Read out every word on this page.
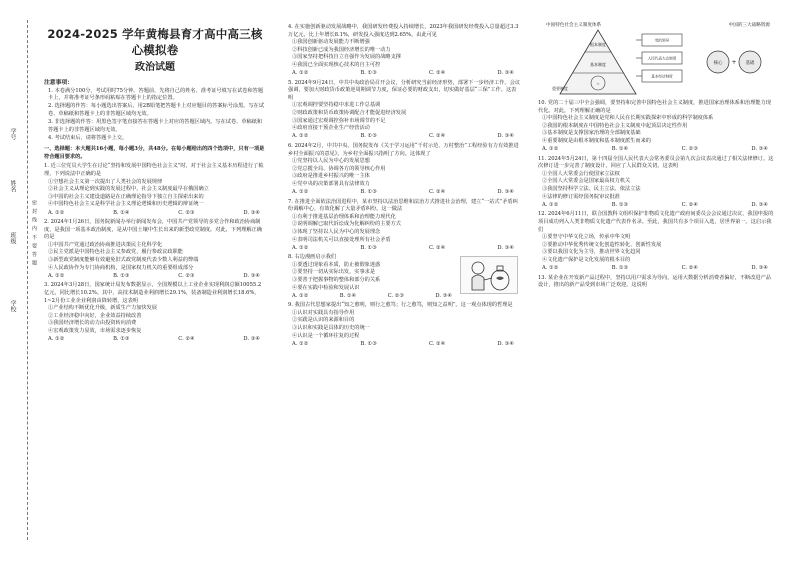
学号
姓名
班级
学校
密 封 线 内 不 要 答 题
2024-2025 学年黄梅县育才高中高三核心模拟卷
政治试题
注意事项：

1. 本卷满分100分，考试用时75分钟。答题前，先将自己的姓名、准考证号填写在试卷和答题卡上，并将准考证号条形码粘贴在答题卡上的指定位置。

2. 选择题的作答：每小题选出答案后，用2B铅笔把答题卡上对应题目的答案标号涂黑。写在试卷、草稿纸和答题卡上的非答题区域均无效。

3. 非选择题的作答：用黑色签字笔直接答在答题卡上对应的答题区域内。写在试卷、草稿纸和答题卡上的非答题区域均无效。

4. 考试结束后，请将答题卡上交。

一、选择题：本大题共16小题，每小题3分，共48分。在每小题给出的四个选项中，只有一项是符合题目要求的。

1. 近三位党员大学生在讨论“坚持和发展中国特色社会主义”时，对于社会主义基本历程进行了梳理，下列说法中正确的是

①空想社会主义第一次提出了人类社会的发展规律

②社会主义从理论到实践的发展过程中，社会主义制度最早在俄国确立

③中国的社会主义建设道路是在正确理论指导下独立自主探索出来的

④中国特色社会主义是科学社会主义理论逻辑和历史逻辑的辩证统一

A. ①②	B. ①④	C. ②③	D. ③④

2. 2024年1月26日，国务院新闻办举行新闻发布会，中国共产党领导的多党合作和政治协商制度，是我国一项基本政治制度，是从中国土壤中生长出来的新型政党制度。对此，下列理解正确的是

①中国共产党通过政治协商推进决策民主化科学化

②民主党派是中国特色社会主义参政党，履行参政议政职能

③新型政党制度能够有效避免旧式政党制度代表少数人利益的弊端

④人民政协作为专门协商机构，是国家权力机关的重要组成部分

A. ①②	B. ①③	C. ②③	D. ③④

3. 2024年3月28日，国家统计局发布数据显示，全国规模以上工业企业实现利润总额10055.2亿元，同比增长10.2%。其中，高技术制造业利润增长29.1%，装备制造业利润增长18.6%，1~2月份工业企业利润由降转增，这表明

①产业结构不断优化升级，新质生产力加快发展

②工业经济稳中向好，企业效益持续改善

③我国经济增长的动力由投资转向消费

④宏观政策发力显效，市场需求逐步恢复

A. ①②	B. ①③	C. ②④	D. ③④

4. 在实施创新驱动发展战略中，我国研发经费投入持续增长，2023年我国研发经费投入总量超过3.3万亿元，比上年增长8.1%，研发投入强度达到2.65%。由此可见

①我国创新驱动发展能力不断增强

②科技创新已成为我国经济增长的唯一动力

③国家坚持把科技自立自强作为发展的战略支撑

④我国已全面实现核心技术的自主可控

A. ①②	B. ①③	C. ②④	D. ③④

5. 2024年9月24日，中共中央政治局召开会议，分析研究当前经济形势，部署下一步经济工作。会议强调，要加大财政货币政策逆周期调节力度，保证必要的财政支出，切实做好基层“三保”工作。这表明

①宏观调控要坚持稳中求进工作总基调

②财政政策和货币政策协调配合才能促进经济发展

③国家通过宏观调控弥补市场调节的不足

④政府直接干预企业生产经营活动

A. ①②	B. ①③	C. ②④	D. ③④

6. 2024年2月，中共中央、国务院发布《关于学习运用“千村示范、万村整治”工程经验有力有效推进乡村全面振兴的意见》，为乡村全面振兴指明了方向。这体现了

①党坚持以人民为中心的发展思想

②党总揽全局、协调各方的领导核心作用

③政府是推进乡村振兴的唯一主体

④党中央的决策部署具有法律效力

A. ①②	B. ①③	C. ②④	D. ③④

7. 在推进全面依法治国进程中，某市坚持以法治思维和法治方式推进社会治理，建立“一站式”矛盾纠纷调解中心，有效化解了大量矛盾纠纷。这一做法

①有利于推进基层治理体系和治理能力现代化

②说明调解已取代诉讼成为化解纠纷的主要方式

③体现了坚持以人民为中心的发展理念

④表明司法机关可以直接处理所有社会矛盾

A. ①②	B. ①③	C. ②④	D. ③④

8. 右边漫画启示我们

①要透过现象看本质，防止被假象迷惑

②要坚持一切从实际出发，实事求是

③要善于把握事物的整体和部分的关系

④要在实践中检验和发展认识

A. ①②	B. ①④	C. ②③	D. ③④

9. 我国古代思想家提出“知之愈明，则行之愈笃；行之愈笃，则知之益明”。这一观点体现的哲理是

①认识对实践具有指导作用

②实践是认识的来源和目的

③认识和实践是具体的历史的统一

④认识是一个循环往复的过程

A. ①②	B. ①③	C. ②④	D. ③④
中国特色社会主义制度体系	中国的三大战略资源
☆
根本制度
基本制度
重要制度
党的领导
人民代表大会制度
基本经济制度
+
核心	基础

10. 党的二十届三中全会强调，要坚持和完善中国特色社会主义制度，推进国家治理体系和治理能力现代化。对此，下列理解正确的是

①中国特色社会主义制度是党和人民在长期实践探索中形成的科学制度体系

②我国的根本制度在中国特色社会主义制度中起顶层决定性作用

③基本制度是支撑国家治理的全部制度基础

④重要制度是由根本制度和基本制度派生而来的

A. ①②	B. ①④	C. ②③	D. ③④

11. 2024年5月24日，第十四届全国人民代表大会常务委员会第九次会议表决通过了相关法律修订。这次修订进一步完善了制度设计，回应了人民群众关切。这表明

①全国人大常委会行使国家立法权

②全国人大常委会是国家最高权力机关

③我国坚持科学立法、民主立法、依法立法

④法律的修订需经国务院审议批准

A. ①②	B. ①③	C. ②④	D. ③④

12. 2024年6月11日，联合国教科文组织保护非物质文化遗产政府间委员会会议通过决议，我国申报的项目成功列入人类非物质文化遗产代表作名录。至此，我国共有多个项目入选，居世界第一。这启示我们

①要坚守中华文化立场，传承中华文明

②要推动中华优秀传统文化创造性转化、创新性发展

③要以我国文化为主导，推动世界文化趋同

④文化遗产保护是文化发展的根本目的

A. ①②	B. ①③	C. ②④	D. ③④

13. 某企业在开发新产品过程中，坚持以用户需求为导向，运用大数据分析消费者偏好，不断改进产品设计，推出的新产品受到市场广泛欢迎。这说明
